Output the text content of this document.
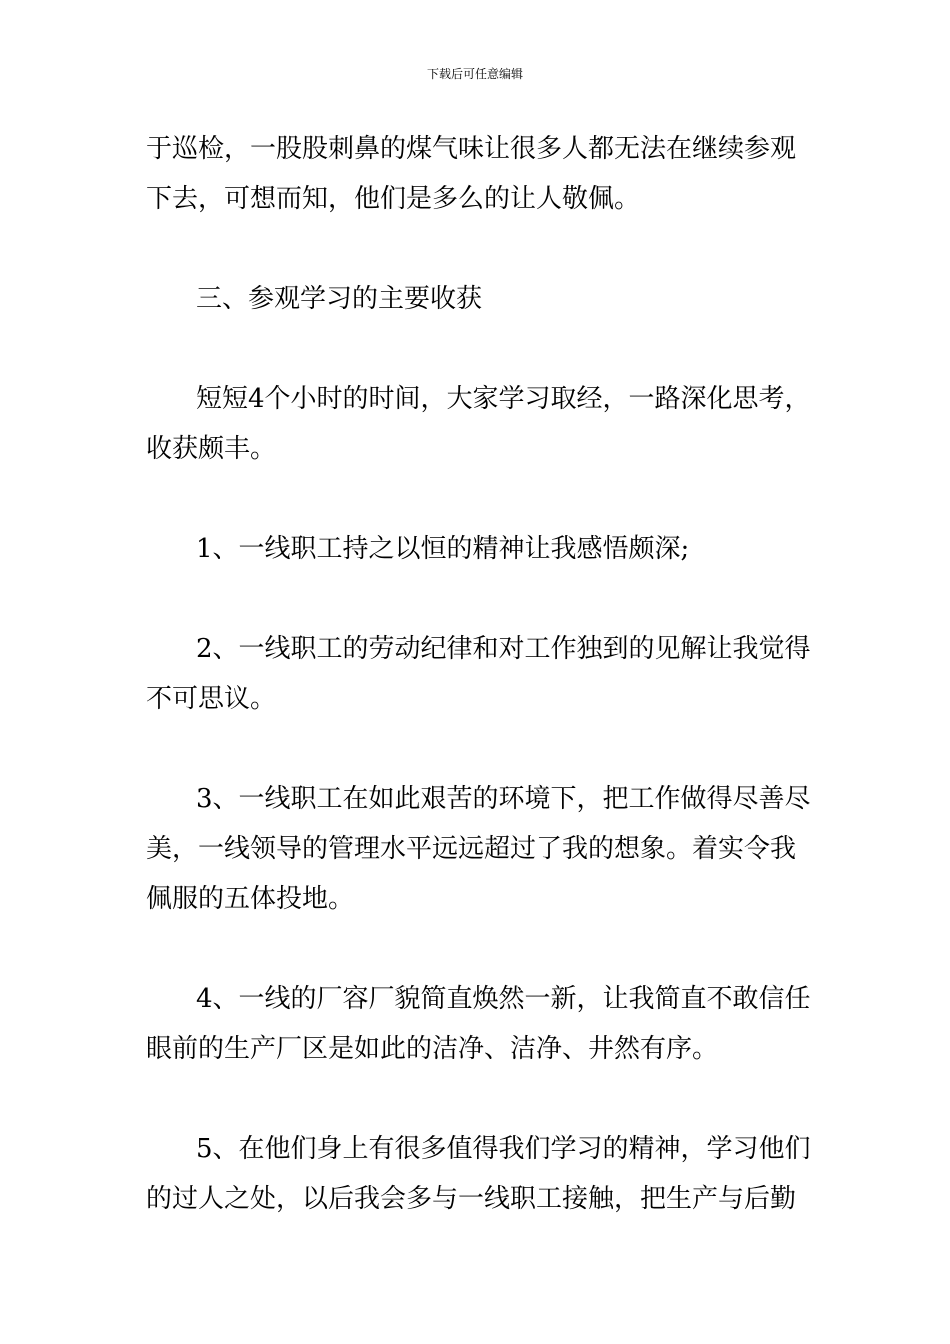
下载后可任意编辑
于巡检，一股股刺鼻的煤气味让很多人都无法在继续参观
下去，可想而知，他们是多么的让人敬佩。
三、参观学习的主要收获
短短4个小时的时间，大家学习取经，一路深化思考，
收获颇丰。
1、一线职工持之以恒的精神让我感悟颇深;
2、一线职工的劳动纪律和对工作独到的见解让我觉得
不可思议。
3、一线职工在如此艰苦的环境下，把工作做得尽善尽
美，一线领导的管理水平远远超过了我的想象。着实令我
佩服的五体投地。
4、一线的厂容厂貌简直焕然一新，让我简直不敢信任
眼前的生产厂区是如此的洁净、洁净、井然有序。
5、在他们身上有很多值得我们学习的精神，学习他们
的过人之处，以后我会多与一线职工接触，把生产与后勤
